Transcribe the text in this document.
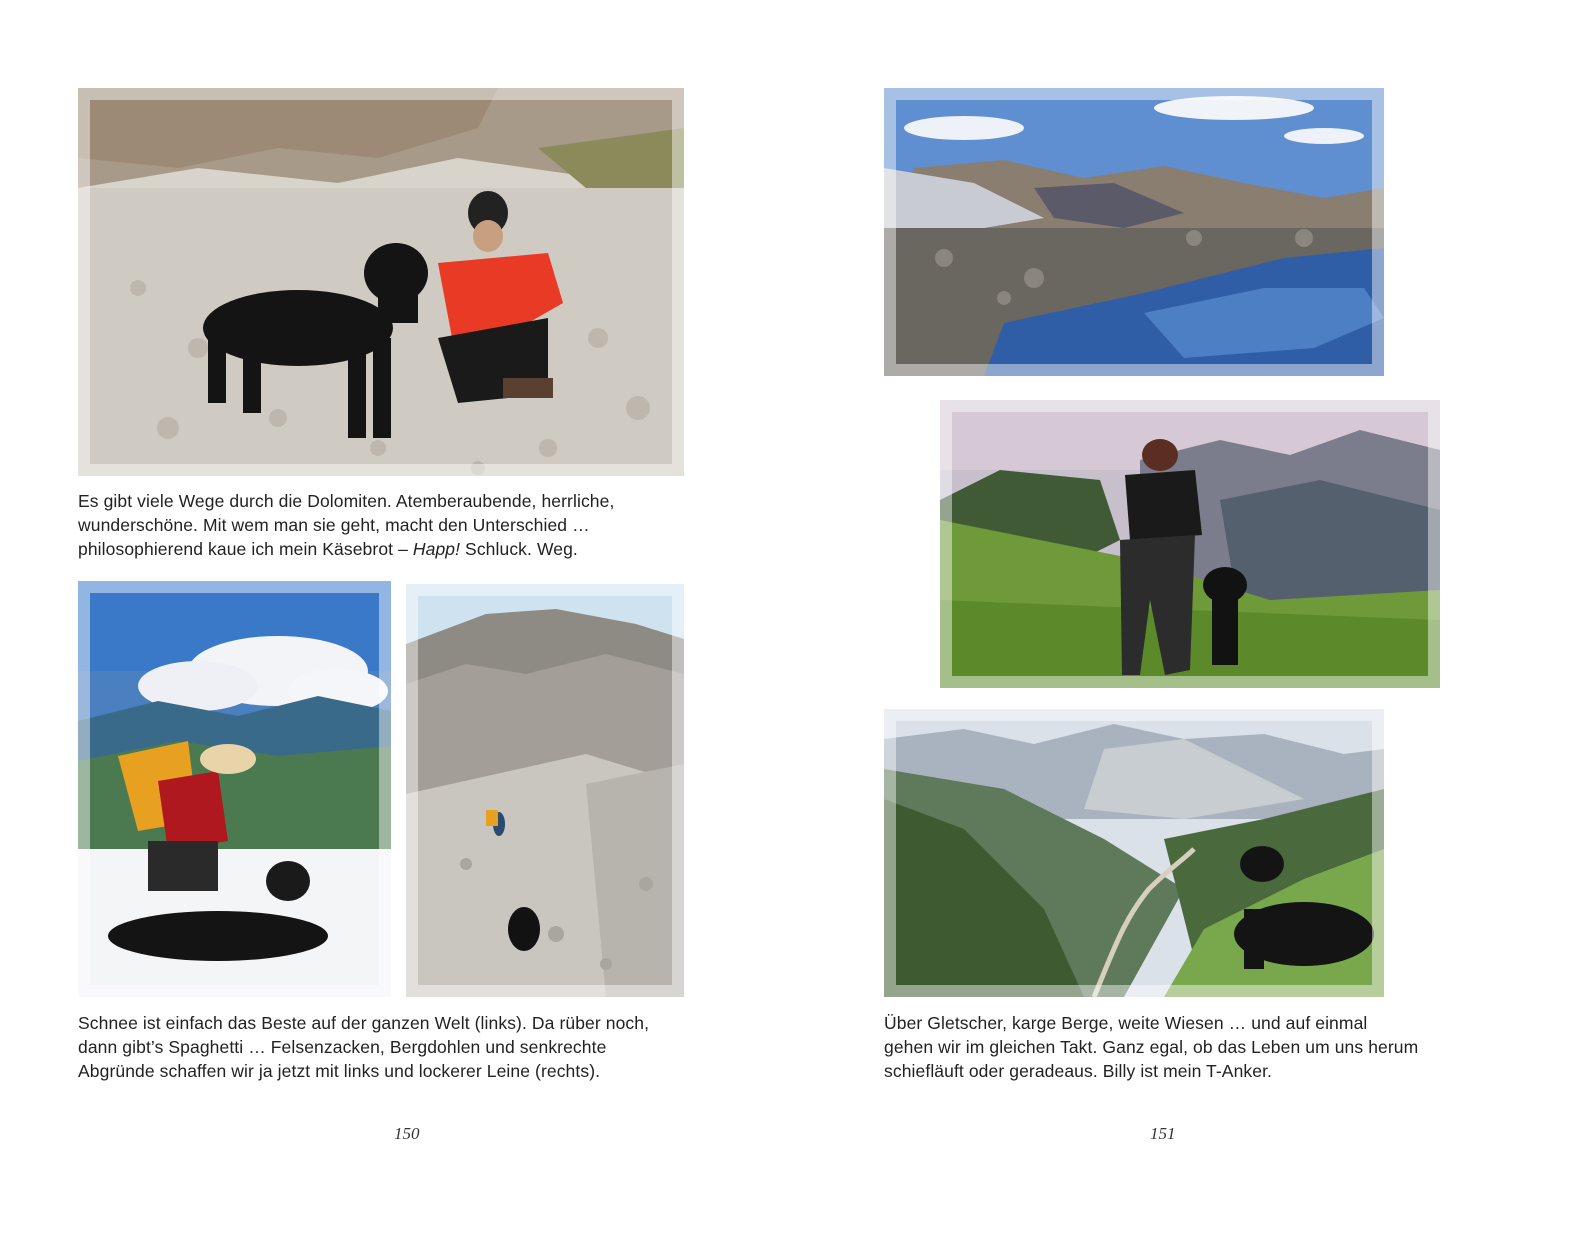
Es gibt viele Wege durch die Dolomiten. Atemberaubende, herrliche,
wunderschöne. Mit wem man sie geht, macht den Unterschied …
philosophierend kaue ich mein Käsebrot – Happ! Schluck. Weg.
Schnee ist einfach das Beste auf der ganzen Welt (links). Da rüber noch,
dann gibt’s Spaghetti … Felsenzacken, Bergdohlen und senkrechte
Abgründe schaffen wir ja jetzt mit links und lockerer Leine (rechts).
150
Über Gletscher, karge Berge, weite Wiesen … und auf einmal
gehen wir im gleichen Takt. Ganz egal, ob das Leben um uns herum
schiefläuft oder geradeaus. Billy ist mein T-Anker.
151
